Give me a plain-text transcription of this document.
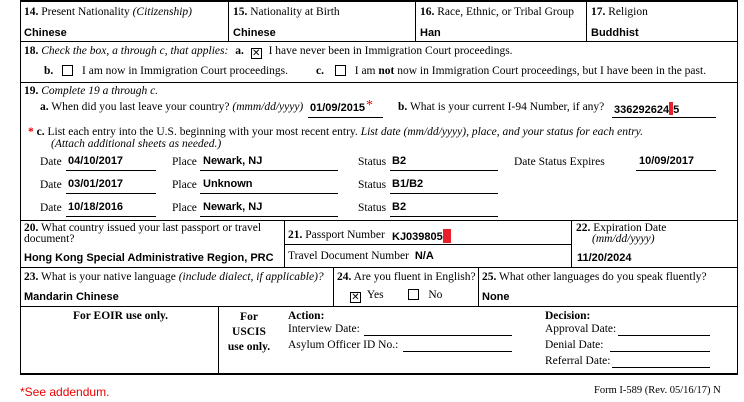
14. Present Nationality (Citizenship)
Chinese
15. Nationality at Birth
Chinese
16. Race, Ethnic, or Tribal Group
Han
17. Religion
Buddhist
18. Check the box, a through c, that applies: a. ✕ I have never been in Immigration Court proceedings.
b.	I am now in Immigration Court proceedings. c.	I am not now in Immigration Court proceedings, but I have been in the past.
19. Complete 19 a through c.
a. When did you last leave your country? (mmm/dd/yyyy) 01/09/2015 * b. What is your current I-94 Number, if any? 336292624 5
* c. List each entry into the U.S. beginning with your most recent entry. List date (mm/dd/yyyy), place, and your status for each entry.
(Attach additional sheets as needed.)
Date 04/10/2017	Place Newark, NJ	Status B2	Date Status Expires	10/09/2017
Date 03/01/2017	Place Unknown	Status B1/B2
Date 10/18/2016	Place Newark, NJ	Status B2
20. What country issued your last passport or travel document?
Hong Kong Special Administrative Region, PRC
21. Passport Number KJ039805
Travel Document Number N/A
22. Expiration Date
(mm/dd/yyyy)
11/20/2024
23. What is your native language (include dialect, if applicable)?
Mandarin Chinese
24. Are you fluent in English?
✕ Yes	No
25. What other languages do you speak fluently?
None
For EOIR use only.	For
USCIS
use only.
Action:
Interview Date:
Asylum Officer ID No.:
Decision:
Approval Date:
Denial Date:
Referral Date:
*See addendum.	Form I-589 (Rev. 05/16/17) N
